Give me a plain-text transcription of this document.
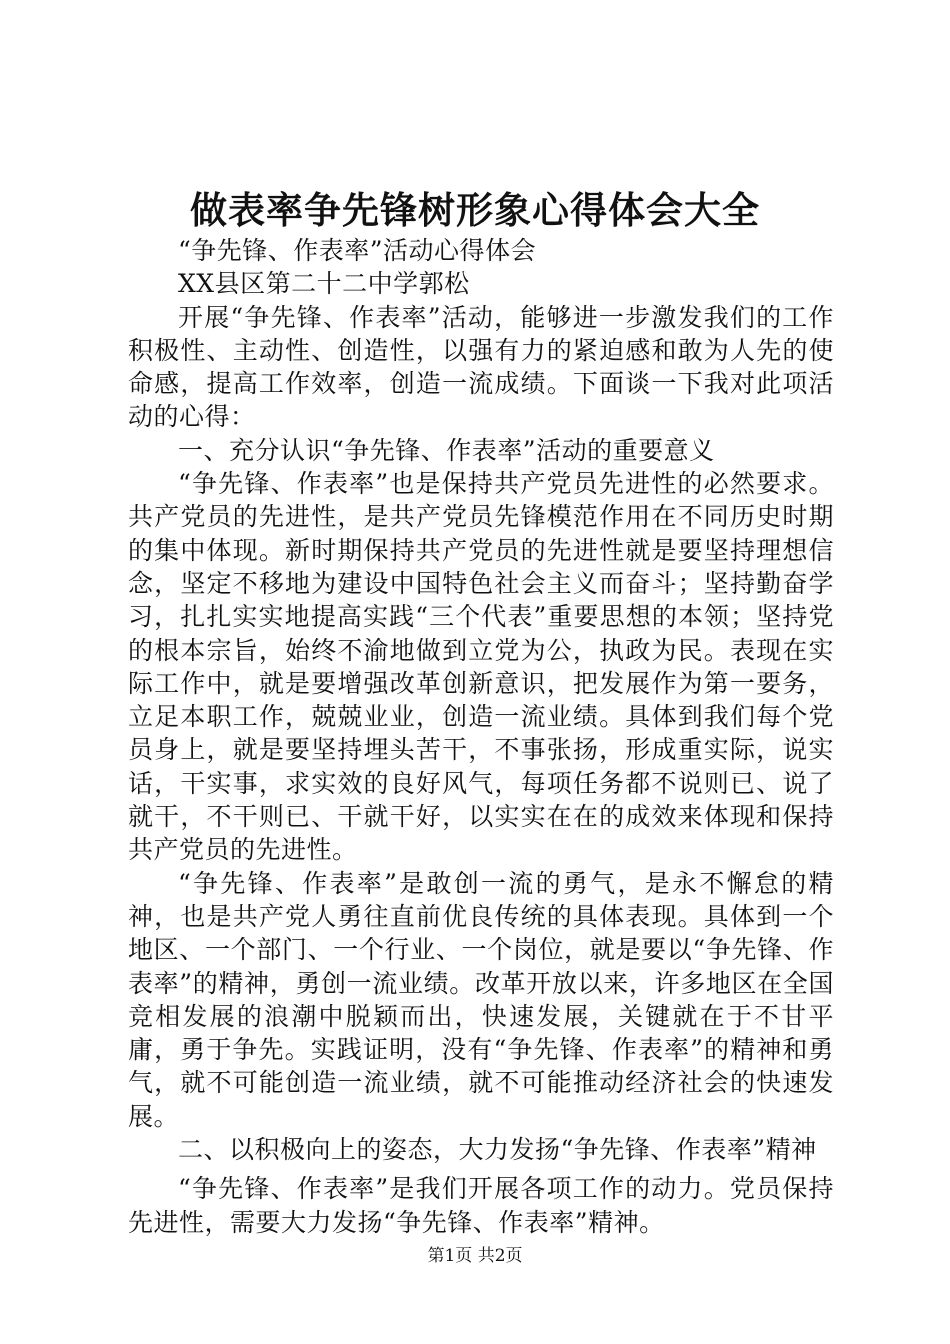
做表率争先锋树形象心得体会大全

“争先锋、作表率”活动心得体会

XX县区第二十二中学郭松

开展“争先锋、作表率”活动，能够进一步激发我们的工作积极性、主动性、创造性，以强有力的紧迫感和敢为人先的使命感，提高工作效率，创造一流成绩。下面谈一下我对此项活动的心得：

一、充分认识“争先锋、作表率”活动的重要意义

“争先锋、作表率”也是保持共产党员先进性的必然要求。共产党员的先进性，是共产党员先锋模范作用在不同历史时期的集中体现。新时期保持共产党员的先进性就是要坚持理想信念，坚定不移地为建设中国特色社会主义而奋斗；坚持勤奋学习，扎扎实实地提高实践“三个代表”重要思想的本领；坚持党的根本宗旨，始终不渝地做到立党为公，执政为民。表现在实际工作中，就是要增强改革创新意识，把发展作为第一要务，立足本职工作，兢兢业业，创造一流业绩。具体到我们每个党员身上，就是要坚持埋头苦干，不事张扬，形成重实际，说实话，干实事，求实效的良好风气，每项任务都不说则已、说了就干，不干则已、干就干好，以实实在在的成效来体现和保持共产党员的先进性。

“争先锋、作表率”是敢创一流的勇气，是永不懈怠的精神，也是共产党人勇往直前优良传统的具体表现。具体到一个地区、一个部门、一个行业、一个岗位，就是要以“争先锋、作表率”的精神，勇创一流业绩。改革开放以来，许多地区在全国竞相发展的浪潮中脱颖而出，快速发展，关键就在于不甘平庸，勇于争先。实践证明，没有“争先锋、作表率”的精神和勇气，就不可能创造一流业绩，就不可能推动经济社会的快速发展。

二、以积极向上的姿态，大力发扬“争先锋、作表率”精神

“争先锋、作表率”是我们开展各项工作的动力。党员保持先进性，需要大力发扬“争先锋、作表率”精神。

第1页 共2页
